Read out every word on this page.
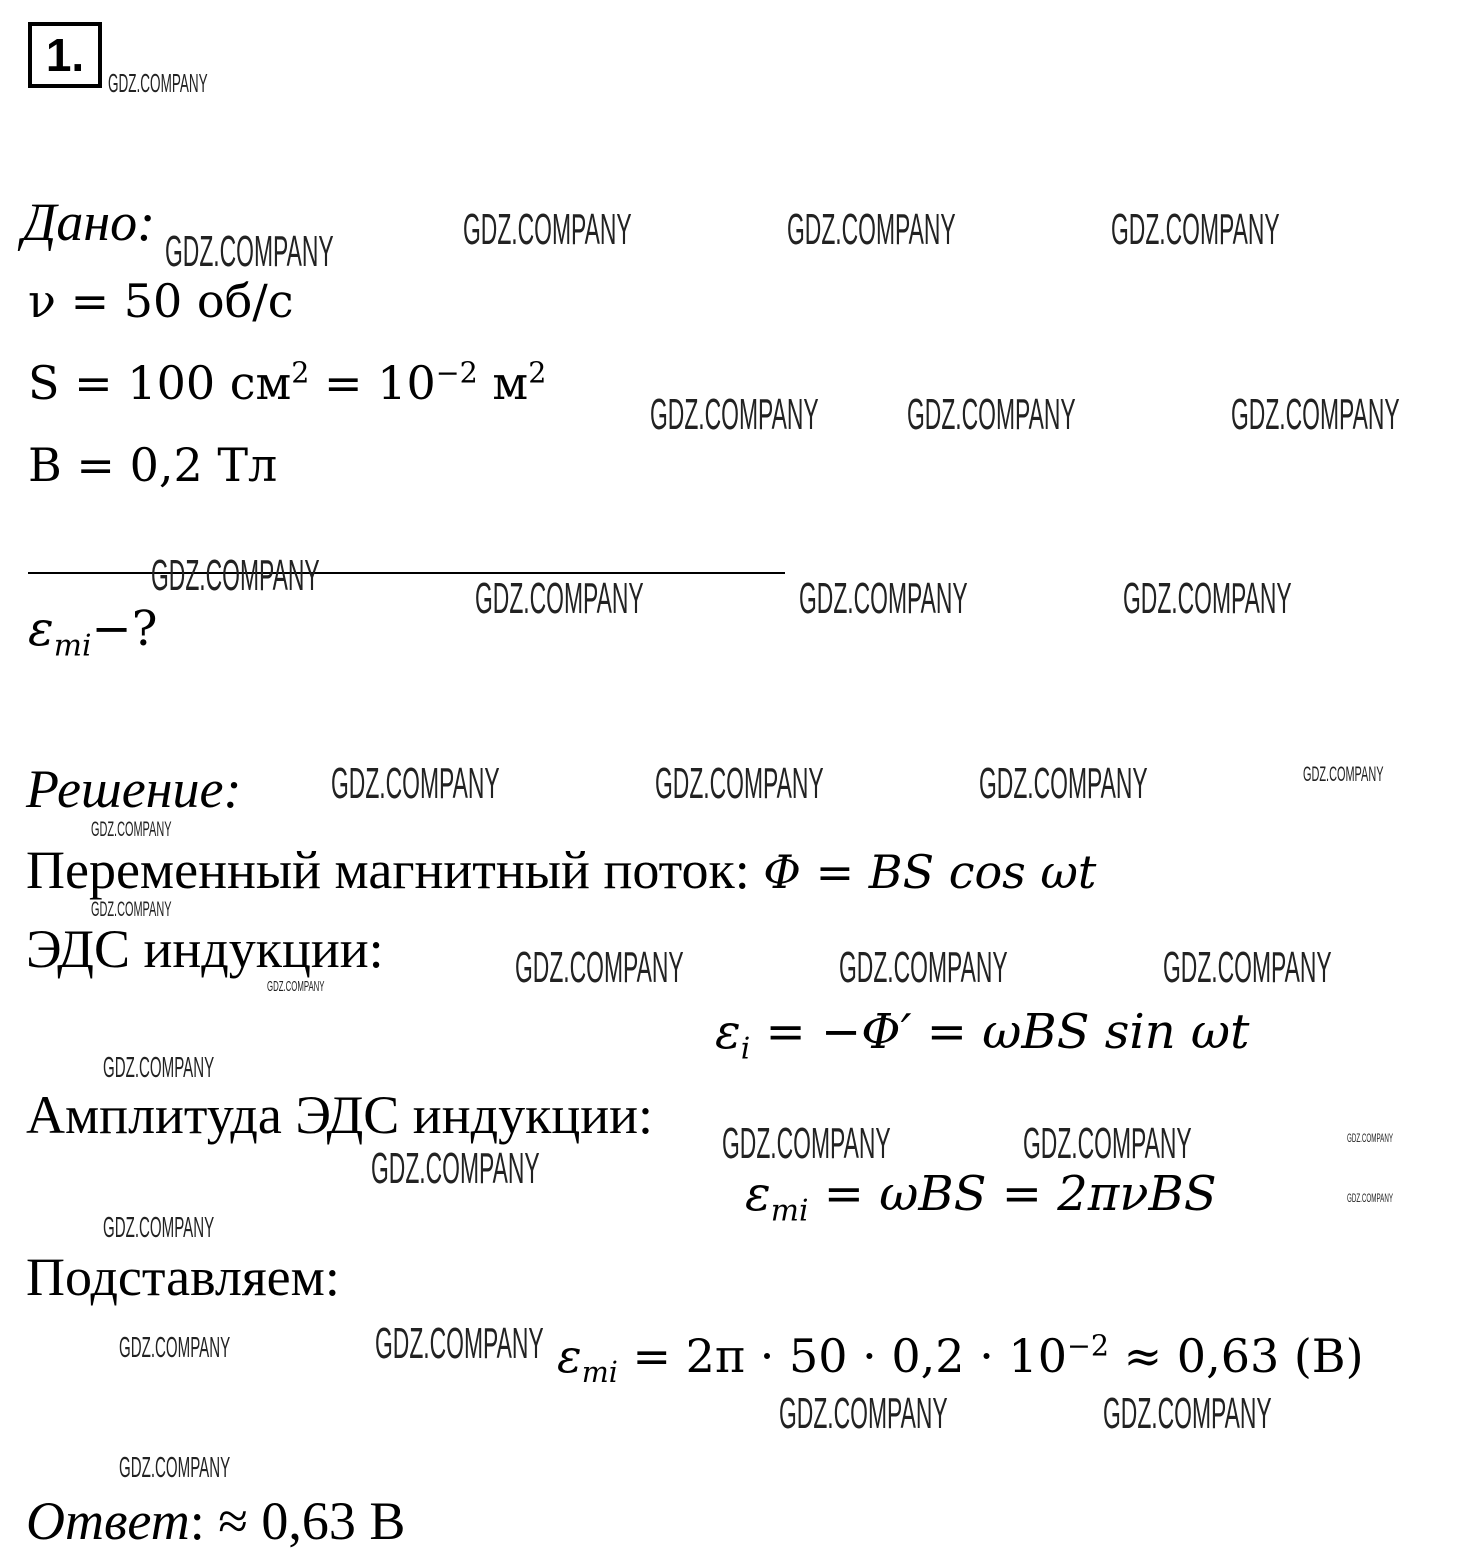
1.
Дано:
ν = 50 об/с
S = 100 $см^2 = 10^{-2}$ $м^2$
B = 0,2 Тл
$\varepsilon_{mi}-$?
Решение:
Переменный магнитный поток: Φ = BS cos ωt
ЭДС индукции:
$\varepsilon_i = -\Phi' = \omega BS$ sin ωt
Амплитуда ЭДС индукции:
$\varepsilon_{mi} = \omega BS = 2\pi\nu BS$
Подставляем:
$\varepsilon_{mi} = 2\pi \cdot 50 \cdot 0,2 \cdot 10^{-2} \approx 0,63$ (В)
Ответ: ≈ 0,63 В
GDZ.COMPANY
GDZ.COMPANY	GDZ.COMPANY	GDZ.COMPANY
GDZ.COMPANY
GDZ.COMPANY GDZ.COMPANY	GDZ.COMPANY
GDZ.COMPANY	GDZ.COMPANY	GDZ.COMPANY	GDZ.COMPANY
GDZ.COMPANY	GDZ.COMPANY	GDZ.COMPANY	GDZ.COMPANY
GDZ.COMPANY
GDZ.COMPANY
GDZ.COMPANY	GDZ.COMPANY	GDZ.COMPANY
GDZ.COMPANY
GDZ.COMPANY
GDZ.COMPANY
GDZ.COMPANY	GDZ.COMPANY	GDZ.COMPANY
GDZ.COMPANY
GDZ.COMPANY
GDZ.COMPANY
GDZ.COMPANY
GDZ.COMPANY	GDZ.COMPANY
GDZ.COMPANY
